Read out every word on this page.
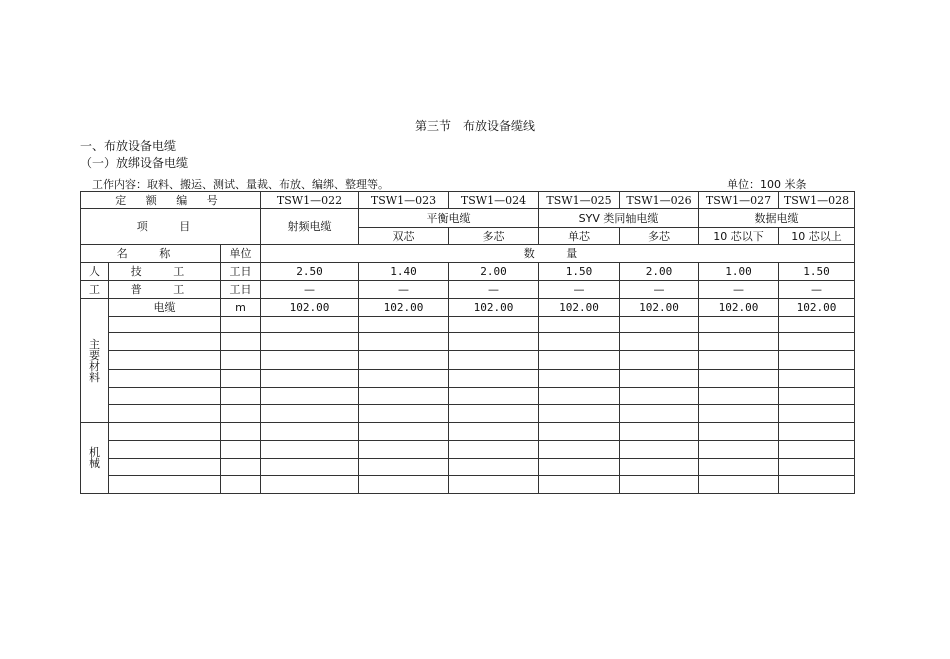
第三节　布放设备缆线
一、布放设备电缆
（一）放绑设备电缆
工作内容：取料、搬运、测试、量裁、布放、编绑、整理等。	单位：100 米条
定 额 编 号			TSW1—022	TSW1—023	TSW1—024	TSW1—025	TSW1—026	TSW1—027	TSW1—028
项 目			射频电缆	平衡电缆		SYV 类同轴电缆		数据电缆	
				双芯	多芯	单芯	多芯	10 芯以下	10 芯以上
名 称		单位	数 量						
人	技 工	工日	2.50	1.40	2.00	1.50	2.00	1.00	1.50
工	普 工	工日	—	—	—	—	—	—	—
主
要
材
料	电缆	m	102.00	102.00	102.00	102.00	102.00	102.00	102.00

机
械									
